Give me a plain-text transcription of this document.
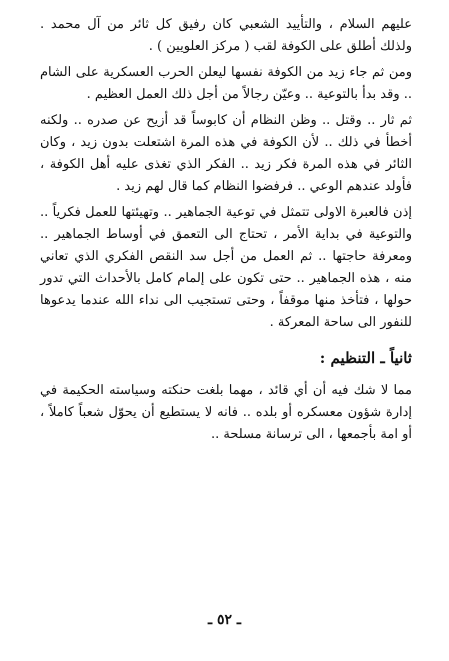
عليهم السلام ، والتأييد الشعبي كان رفيق كل ثائر من آل محمد . ولذلك أطلق على الكوفة لقب ( مركز العلويين ) .

ومن ثم جاء زيد من الكوفة نفسها ليعلن الحرب العسكرية على الشام .. وقد بدأ بالتوعية .. وعيّن رجالاً من أجل ذلك العمل العظيم .

ثم ثار .. وقتل .. وظن النظام أن كابوساً قد أزيح عن صدره .. ولكنه أخطأ في ذلك .. لأن الكوفة في هذه المرة اشتعلت بدون زيد ، وكان الثائر في هذه المرة فكر زيد .. الفكر الذي تغذى عليه أهل الكوفة ، فأولد عندهم الوعي .. فرفضوا النظام كما قال لهم زيد .

إذن فالعبرة الاولى تتمثل في توعية الجماهير .. وتهيئتها للعمل فكرياً .. والتوعية في بداية الأمر ، تحتاج الى التعمق في أوساط الجماهير .. ومعرفة حاجتها .. ثم العمل من أجل سد النقص الفكري الذي تعاني منه ، هذه الجماهير .. حتى تكون على إلمام كامل بالأحداث التي تدور حولها ، فتأخذ منها موقفاً ، وحتى تستجيب الى نداء الله عندما يدعوها للنفور الى ساحة المعركة .

ثانياً ـ التنظيم :

مما لا شك فيه أن أي قائد ، مهما بلغت حنكته وسياسته الحكيمة في إدارة شؤون معسكره أو بلده .. فانه لا يستطيع أن يحوّل شعباً كاملاً ، أو امة بأجمعها ، الى ترسانة مسلحة ..

ـ ٥٢ ـ
